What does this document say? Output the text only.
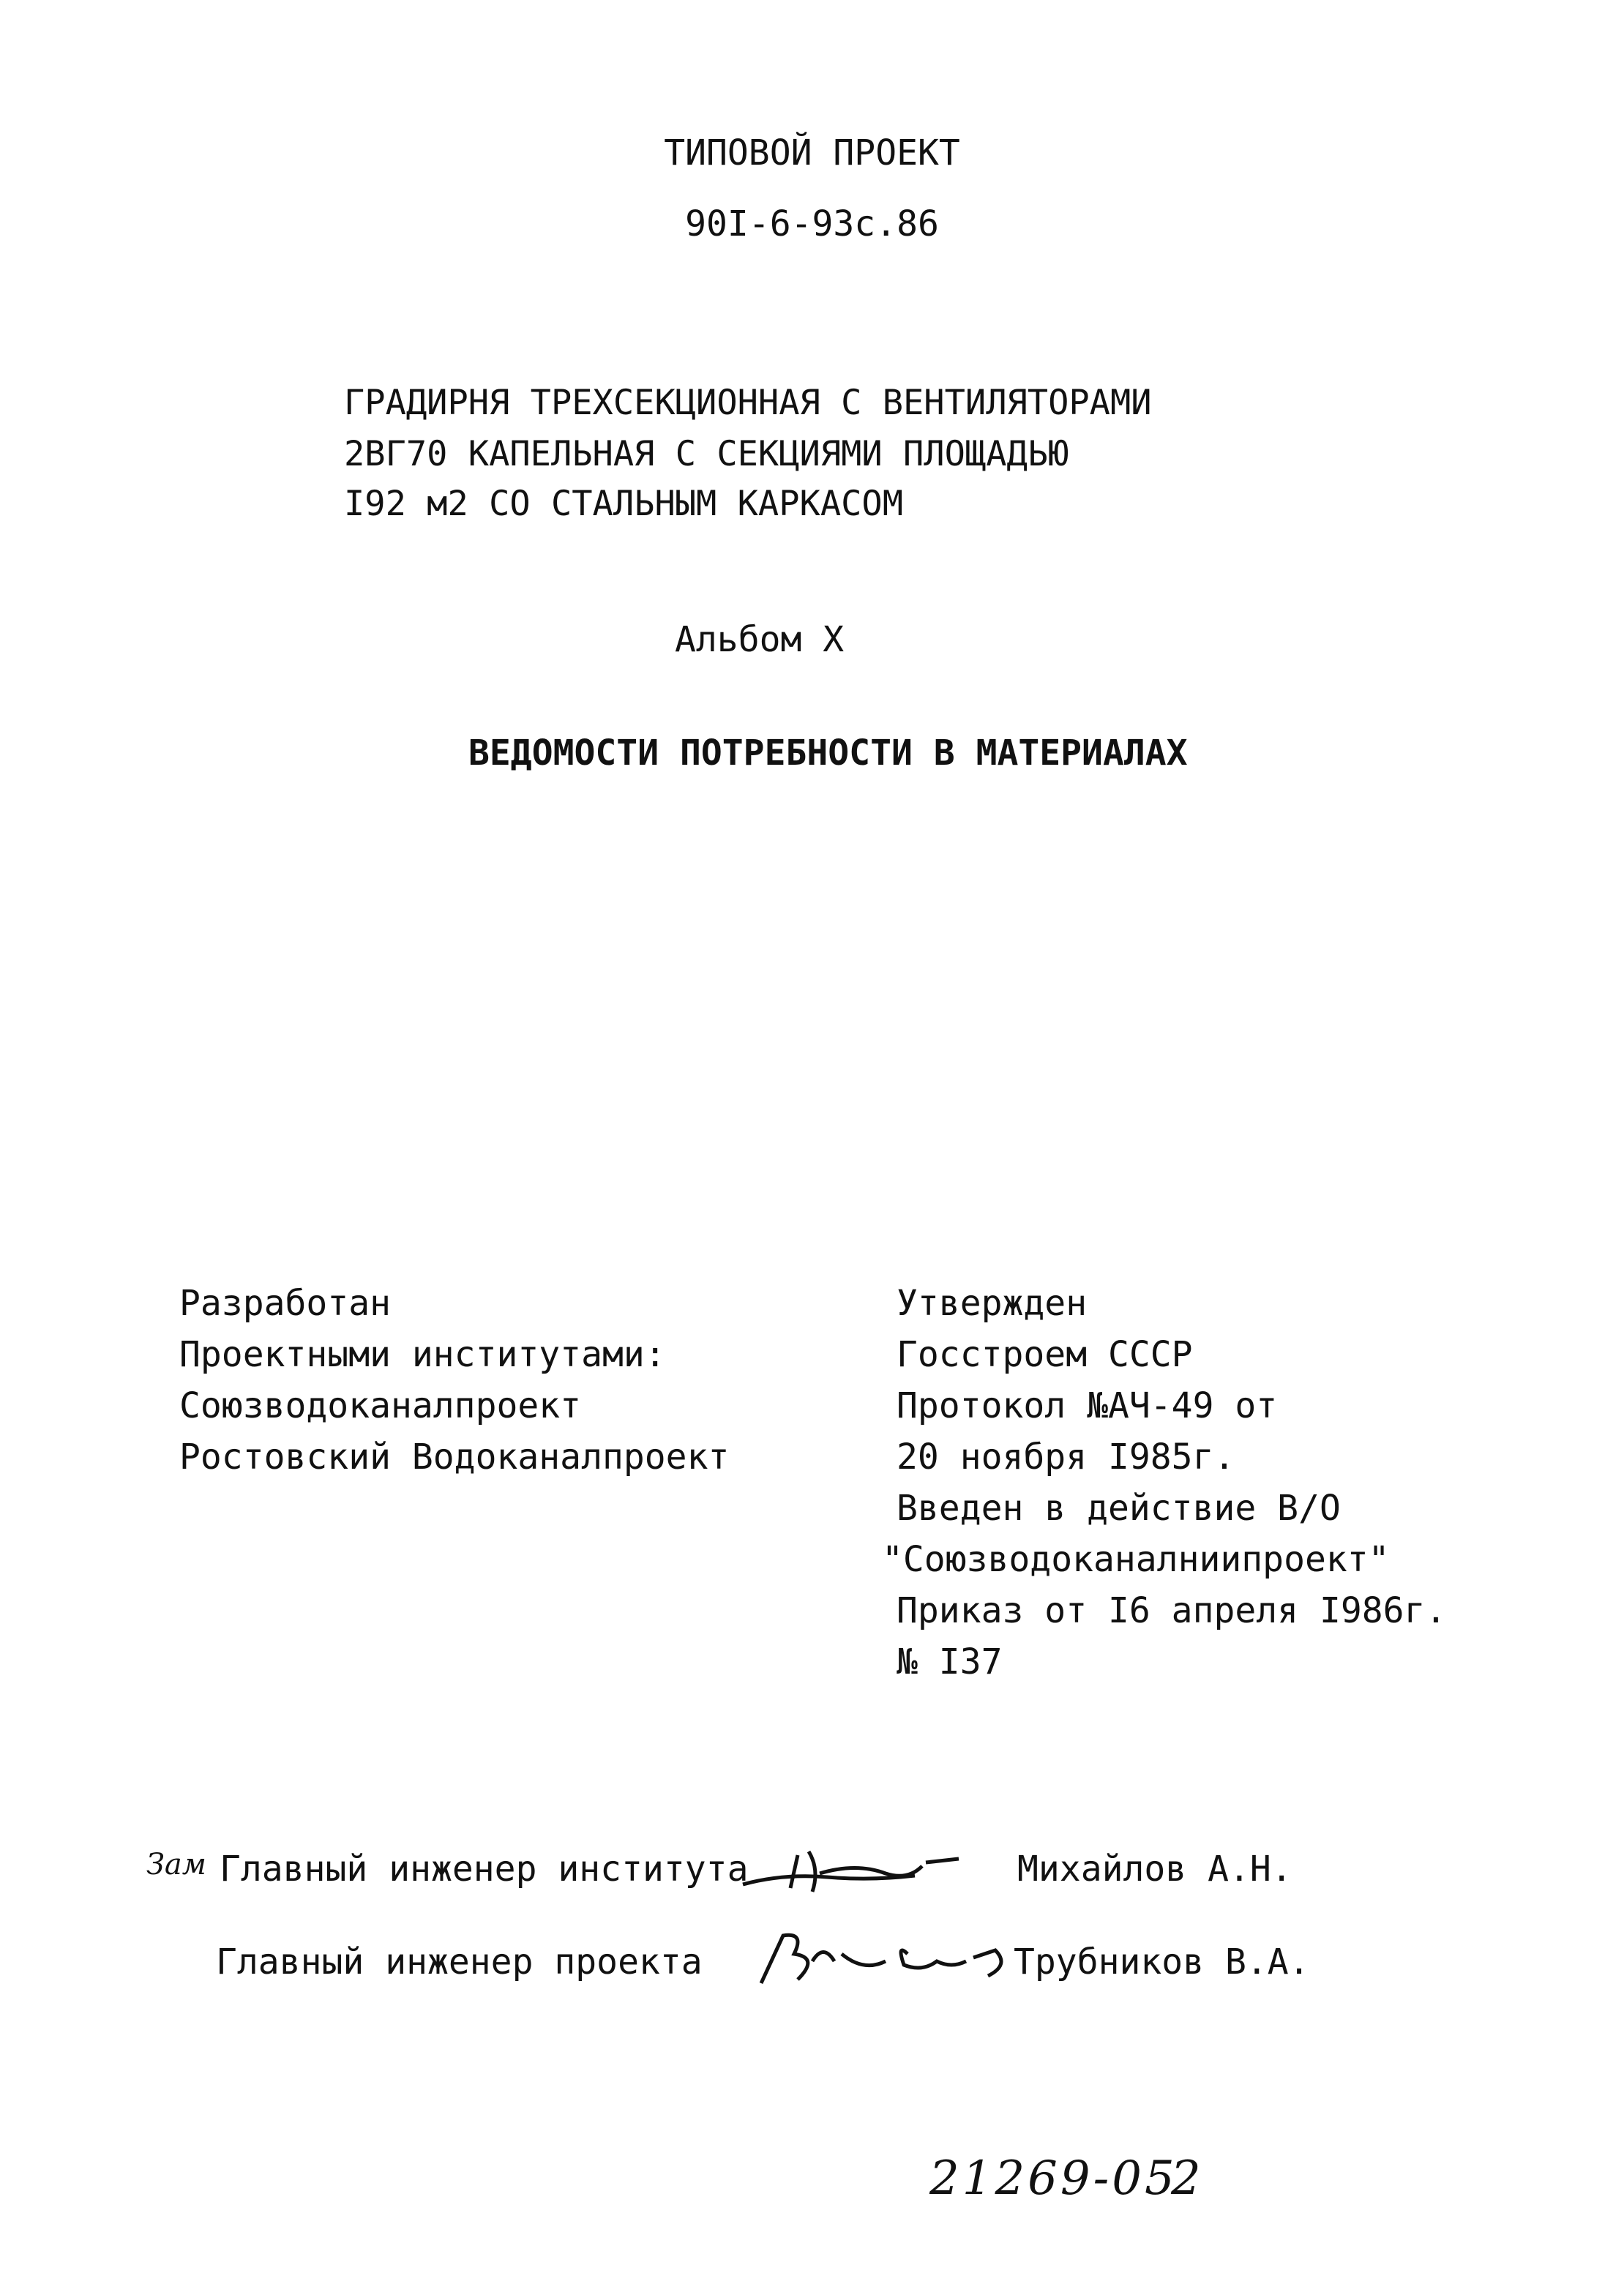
ТИПОВОЙ ПРОЕКТ
90I-6-93с.86
ГРАДИРНЯ ТРЕХСЕКЦИОННАЯ С ВЕНТИЛЯТОРАМИ
2ВГ70 КАПЕЛЬНАЯ С СЕКЦИЯМИ ПЛОЩАДЬЮ
I92 м2 СО СТАЛЬНЫМ КАРКАСОМ
Альбом X
ВЕДОМОСТИ ПОТРЕБНОСТИ В МАТЕРИАЛАХ
Разработан
Проектными институтами:
Союзводоканалпроект
Ростовский Водоканалпроект
Утвержден
Госстроем СССР
Протокол №АЧ-49 от
20 ноября I985г.
Введен в действие В/О
"Союзводоканалниипроект"
Приказ от I6 апреля I986г.
№ I37
Зам Главный инженер института	Михайлов А.Н.
Главный инженер проекта	Трубников В.А.
21269-05
2
